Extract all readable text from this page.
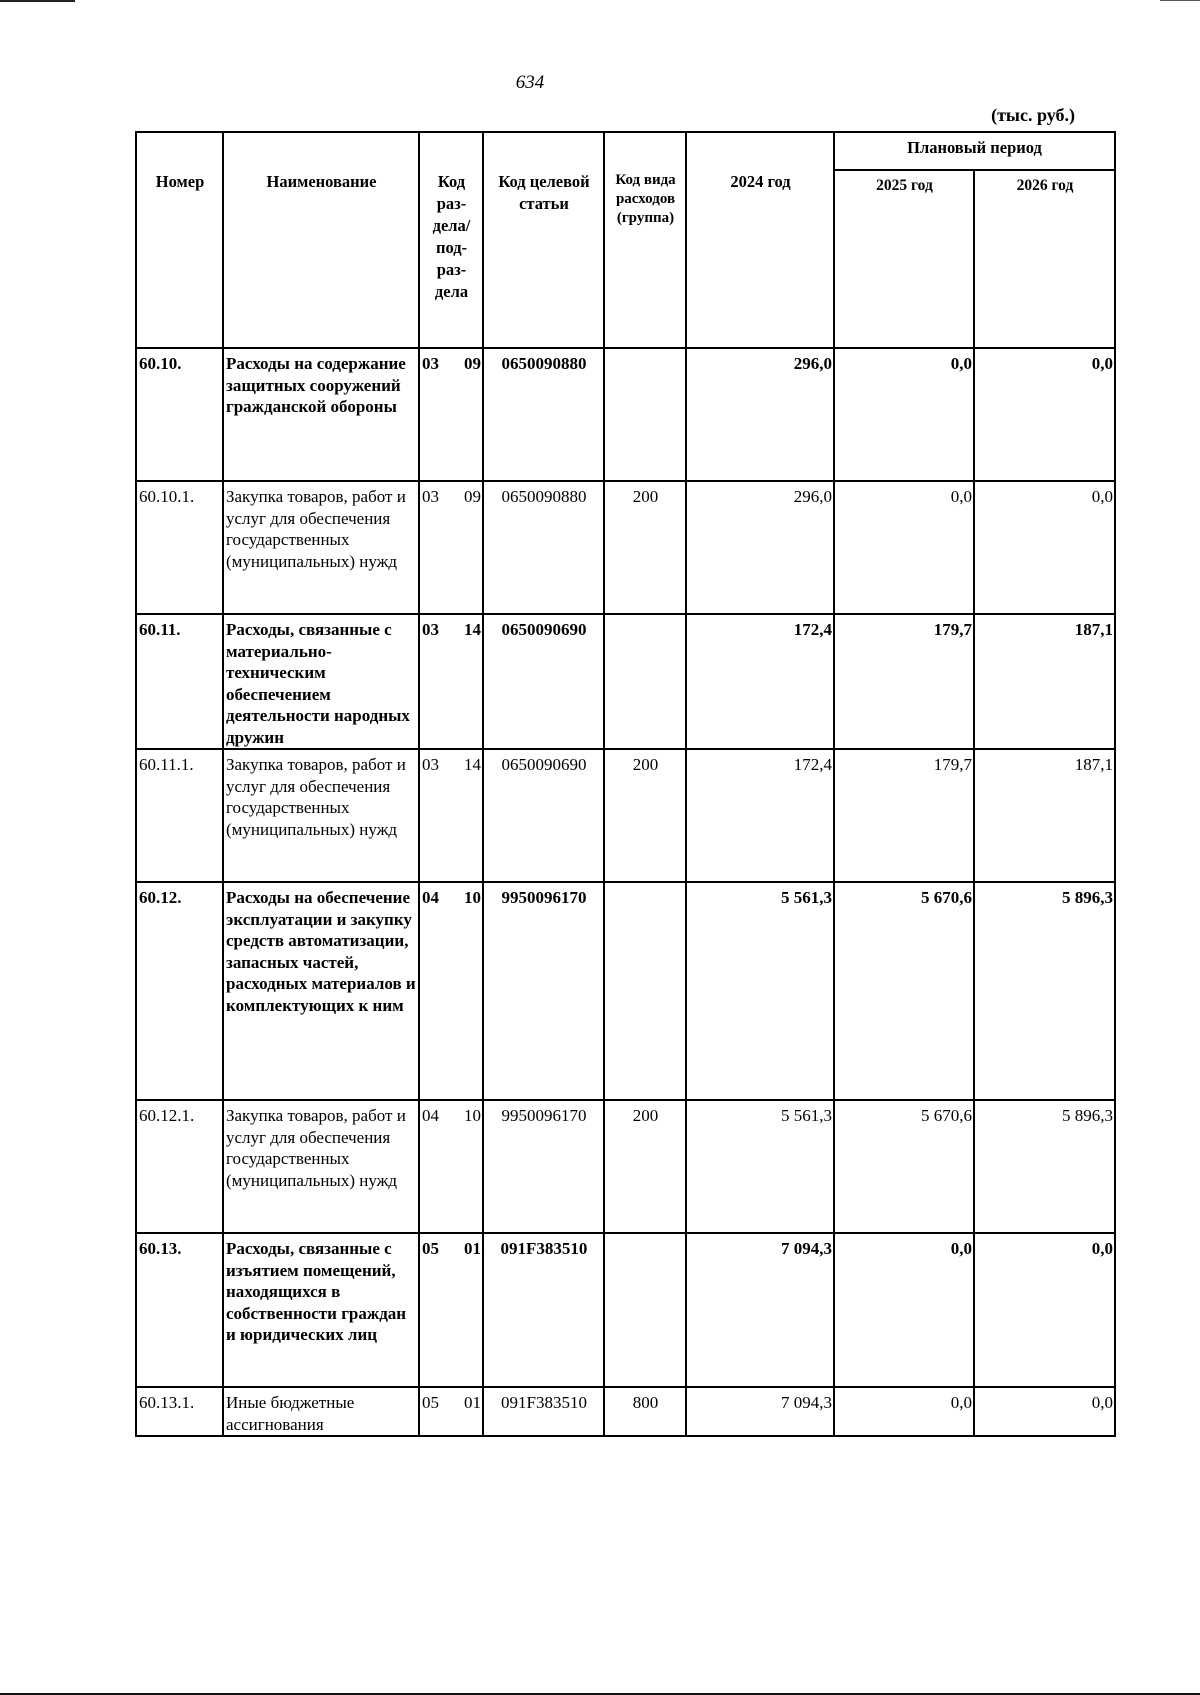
634
(тыс. руб.)
Номер	Наименование	Код раз- дела/ под- раз- дела	Код целевой статьи	Код вида расходов (группа)	2024 год	Плановый период	
						2025 год	2026 год
60.10.	Расходы на содержание защитных сооружений гражданской обороны	03 09	0650090880		296,0	0,0	0,0
60.10.1.	Закупка товаров, работ и услуг для обеспечения государственных (муниципальных) нужд	03 09	0650090880	200	296,0	0,0	0,0
60.11.	Расходы, связанные с материально-техническим обеспечением деятельности народных дружин	03 14	0650090690		172,4	179,7	187,1
60.11.1.	Закупка товаров, работ и услуг для обеспечения государственных (муниципальных) нужд	03 14	0650090690	200	172,4	179,7	187,1
60.12.	Расходы на обеспечение эксплуатации и закупку средств автоматизации, запасных частей, расходных материалов и комплектующих к ним	04 10	9950096170		5 561,3	5 670,6	5 896,3
60.12.1.	Закупка товаров, работ и услуг для обеспечения государственных (муниципальных) нужд	04 10	9950096170	200	5 561,3	5 670,6	5 896,3
60.13.	Расходы, связанные с изъятием помещений, находящихся в собственности граждан и юридических лиц	05 01	091F383510		7 094,3	0,0	0,0
60.13.1.	Иные бюджетные ассигнования	05 01	091F383510	800	7 094,3	0,0	0,0
